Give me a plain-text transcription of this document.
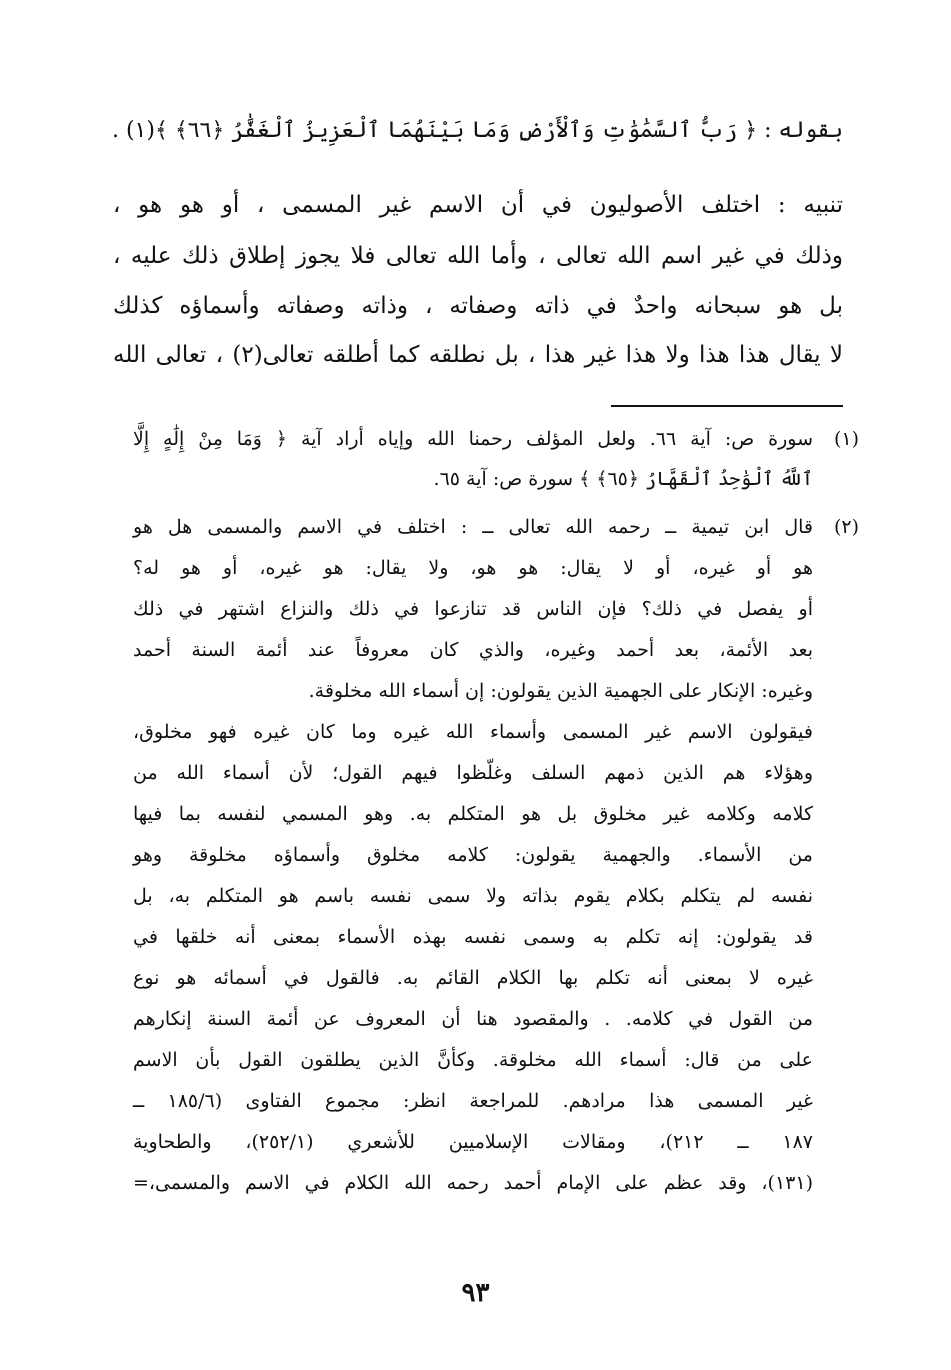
بقوله : ﴿ رَبُّ ٱلسَّمَٰوَٰتِ وَٱلْأَرْضِ وَمَا بَيْنَهُمَا ٱلْعَزِيزُ ٱلْغَفَّٰرُ ﴿٦٦﴾ ﴾(١) .
تنبيه : اختلف الأصوليون في أن الاسم غير المسمى ، أو هو هو ،
وذلك في غير اسم الله تعالى ، وأما الله تعالى فلا يجوز إطلاق ذلك عليه ،
بل هو سبحانه واحدٌ في ذاته وصفاته ، وذاته وصفاته وأسماؤه كذلك
لا يقال هذا هذا ولا هذا غير هذا ، بل نطلقه كما أطلقه تعالى(٢) ، تعالى الله
(١)
سورة ص: آية ٦٦. ولعل المؤلف رحمنا الله وإياه أراد آية ﴿ وَمَا مِنْ إِلَٰهٍ إِلَّا
ٱللَّهُ ٱلْوَٰحِدُ ٱلْقَهَّارُ ﴿٦٥﴾ ﴾ سورة ص: آية ٦٥.
(٢)
قال ابن تيمية ــ رحمه الله تعالى ــ : اختلف في الاسم والمسمى هل هو
هو أو غيره، أو لا يقال: هو هو، ولا يقال: هو غيره، أو هو له؟
أو يفصل في ذلك؟ فإن الناس قد تنازعوا في ذلك والنزاع اشتهر في ذلك
بعد الأئمة، بعد أحمد وغيره، والذي كان معروفاً عند أئمة السنة أحمد
وغيره: الإنكار على الجهمية الذين يقولون: إن أسماء الله مخلوقة.
فيقولون الاسم غير المسمى وأسماء الله غيره وما كان غيره فهو مخلوق،
وهؤلاء هم الذين ذمهم السلف وغلّظوا فيهم القول؛ لأن أسماء الله من
كلامه وكلامه غير مخلوق بل هو المتكلم به. وهو المسمي لنفسه بما فيها
من الأسماء. والجهمية يقولون: كلامه مخلوق وأسماؤه مخلوقة وهو
نفسه لم يتكلم بكلام يقوم بذاته ولا سمى نفسه باسم هو المتكلم به، بل
قد يقولون: إنه تكلم به وسمى نفسه بهذه الأسماء بمعنى أنه خلقها في
غيره لا بمعنى أنه تكلم بها الكلام القائم به. فالقول في أسمائه هو نوع
من القول في كلامه. . والمقصود هنا أن المعروف عن أئمة السنة إنكارهم
على من قال: أسماء الله مخلوقة. وكأنَّ الذين يطلقون القول بأن الاسم
غير المسمى هذا مرادهم. للمراجعة انظر: مجموع الفتاوى (١٨٥/٦ ــ
١٨٧ ــ ٢١٢)، ومقالات الإسلاميين للأشعري (٢٥٢/١)، والطحاوية
(١٣١)، وقد عظم على الإمام أحمد رحمه الله الكلام في الاسم والمسمى،=
٩٣
